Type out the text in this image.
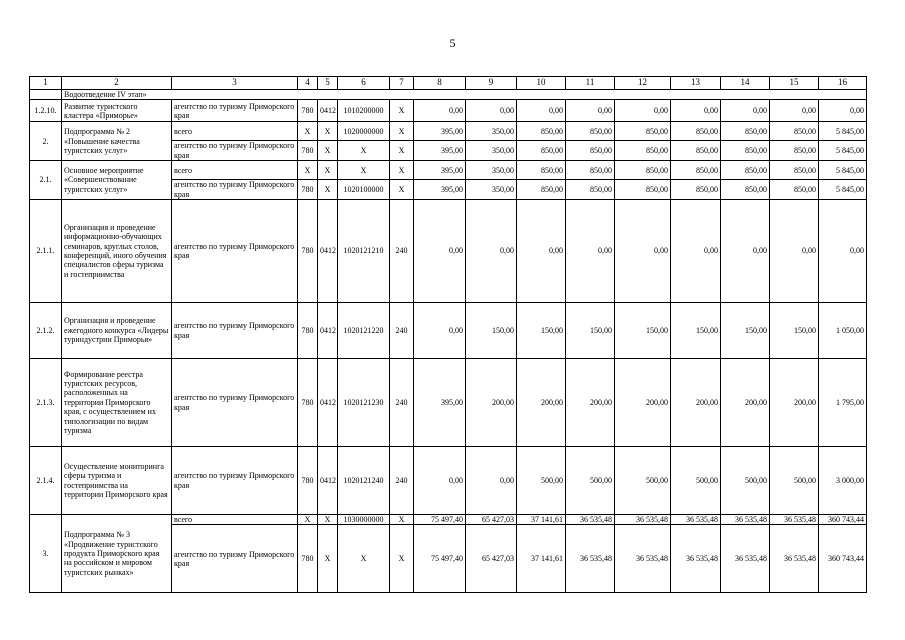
5
1	2	3	4	5	6	7	8	9	10	11	12	13	14	15	16
	Водоотведение IV этап»														
1.2.10.	Развитие туристского кластера «Приморье»	агентство по туризму Приморского края	780	0412	1010200000	X	0,00	0,00	0,00	0,00	0,00	0,00	0,00	0,00	0,00
2.	Подпрограмма № 2 «Повышение качества туристских услуг»	всего	X	X	1020000000	X	395,00	350,00	850,00	850,00	850,00	850,00	850,00	850,00	5 845,00
		агентство по туризму Приморского края	780	X	X	X	395,00	350,00	850,00	850,00	850,00	850,00	850,00	850,00	5 845,00
2.1.	Основное мероприятие «Совершенствование туристских услуг»	всего	X	X	X	X	395,00	350,00	850,00	850,00	850,00	850,00	850,00	850,00	5 845,00
		агентство по туризму Приморского края	780	X	1020100000	X	395,00	350,00	850,00	850,00	850,00	850,00	850,00	850,00	5 845,00
2.1.1.	Организация и проведение информационно-обучающих семинаров, круглых столов, конференций, иного обучения специалистов сферы туризма и гостеприимства	агентство по туризму Приморского края	780	0412	1020121210	240	0,00	0,00	0,00	0,00	0,00	0,00	0,00	0,00	0,00
2.1.2.	Организация и проведение ежегодного конкурса «Лидеры туриндустрии Приморья»	агентство по туризму Приморского края	780	0412	1020121220	240	0,00	150,00	150,00	150,00	150,00	150,00	150,00	150,00	1 050,00
2.1.3.	Формирование реестра туристских ресурсов, расположенных на территории Приморского края, с осуществлением их типологизации по видам туризма	агентство по туризму Приморского края	780	0412	1020121230	240	395,00	200,00	200,00	200,00	200,00	200,00	200,00	200,00	1 795,00
2.1.4.	Осуществление мониторинга сферы туризма и гостеприимства на территории Приморского края	агентство по туризму Приморского края	780	0412	1020121240	240	0,00	0,00	500,00	500,00	500,00	500,00	500,00	500,00	3 000,00
3.	Подпрограмма № 3 «Продвижение туристского продукта Приморского края на российском и мировом туристских рынках»	всего	X	X	1030000000	X	75 497,40	65 427,03	37 141,61	36 535,48	36 535,48	36 535,48	36 535,48	36 535,48	360 743,44
		агентство по туризму Приморского края	780	X	X	X	75 497,40	65 427,03	37 141,61	36 535,48	36 535,48	36 535,48	36 535,48	36 535,48	360 743,44
